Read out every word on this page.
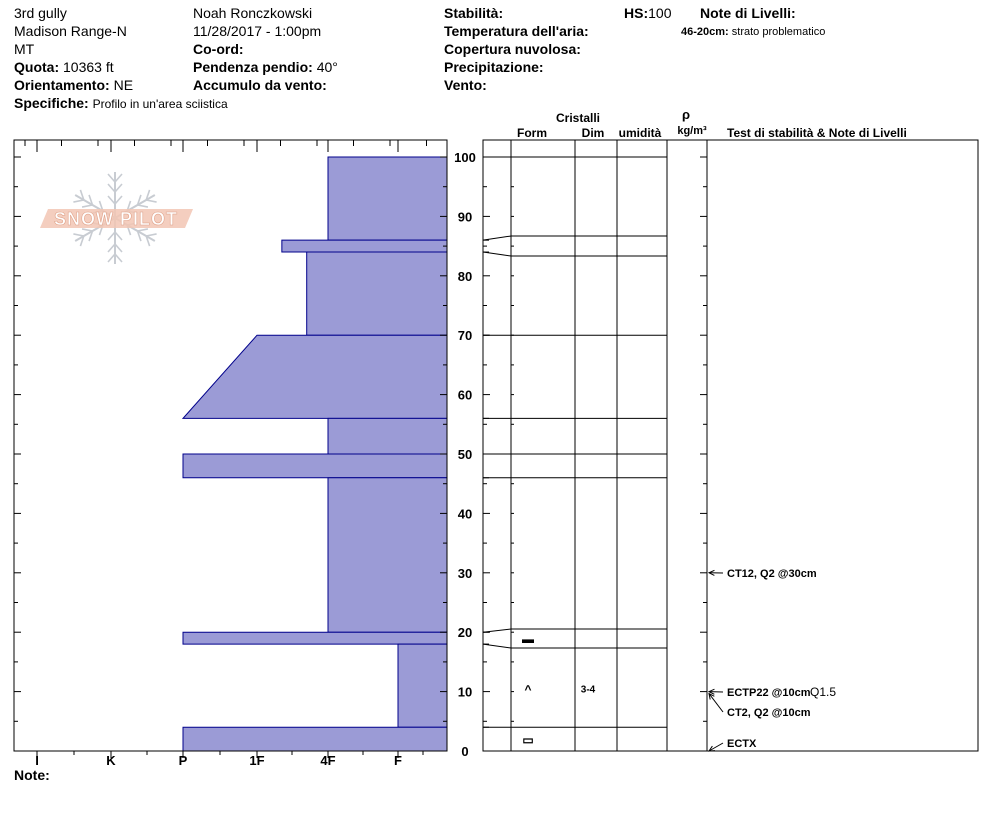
3rd gully
Madison Range-N
MT
Quota: 10363 ft
Orientamento: NE
Specifiche: Profilo in un'area sciistica
Noah Ronczkowski
11/28/2017 - 1:00pm
Co-ord:
Pendenza pendio: 40°
Accumulo da vento:
Stabilità:
Temperatura dell'aria:
Copertura nuvolosa:
Precipitazione:
Vento:
HS:100 Note di Livelli:
46-20cm: strato problematico
Note:
SNOW PILOT
I	K	P	1F	4F	F
0
10
20
30
40
50
60
70
80
90
100
Cristalli
Form	Dim umidità
ρ
kg/m³ Test di stabilità & Note di Livelli
▬
^
▭
3-4
CT12, Q2 @30cm
ECTP22 @10cm Q1.5
CT2, Q2 @10cm
ECTX
